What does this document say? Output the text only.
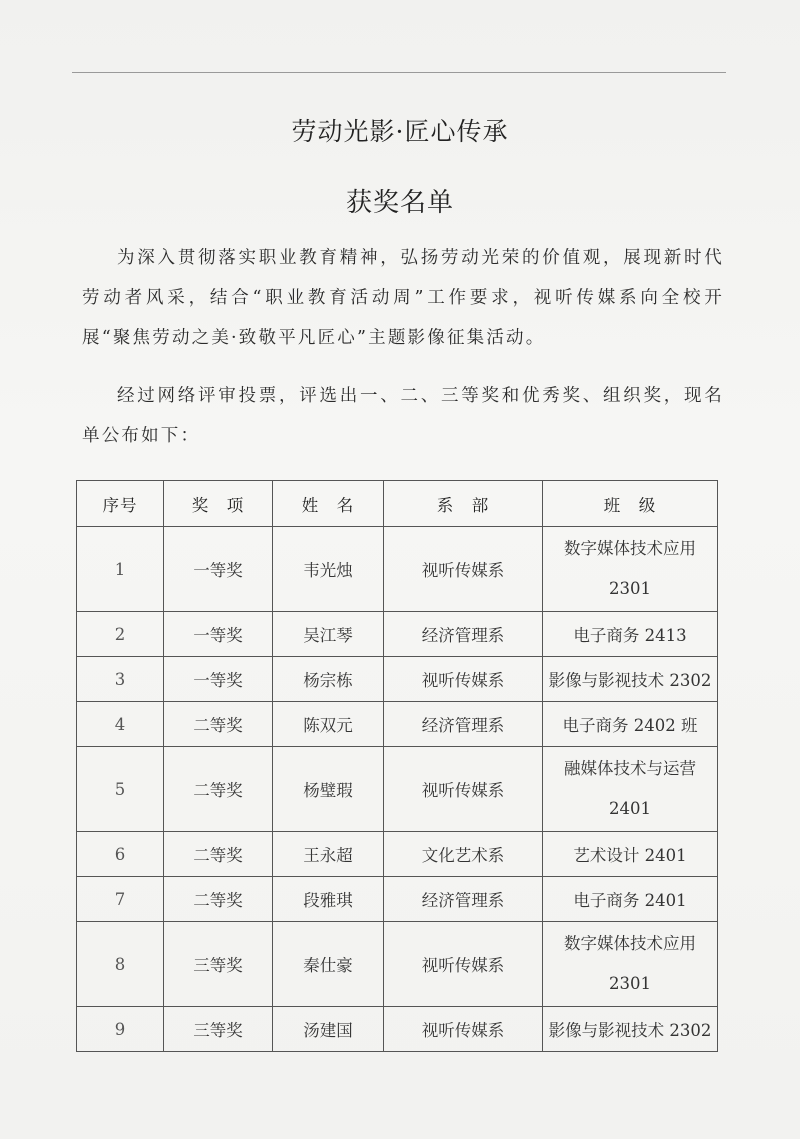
劳动光影·匠心传承
获奖名单
为深入贯彻落实职业教育精神，弘扬劳动光荣的价值观，展现新时代劳动者风采，结合“职业教育活动周”工作要求，视听传媒系向全校开展“聚焦劳动之美·致敬平凡匠心”主题影像征集活动。
经过网络评审投票，评选出一、二、三等奖和优秀奖、组织奖，现名单公布如下：
序号	奖　项	姓　名	系　部	班　级
1	一等奖	韦光烛	视听传媒系	数字媒体技术应用2301
2	一等奖	吴江琴	经济管理系	电子商务 2413
3	一等奖	杨宗栋	视听传媒系	影像与影视技术 2302
4	二等奖	陈双元	经济管理系	电子商务 2402 班
5	二等奖	杨璧瑕	视听传媒系	融媒体技术与运营2401
6	二等奖	王永超	文化艺术系	艺术设计 2401
7	二等奖	段雅琪	经济管理系	电子商务 2401
8	三等奖	秦仕豪	视听传媒系	数字媒体技术应用2301
9	三等奖	汤建国	视听传媒系	影像与影视技术 2302
